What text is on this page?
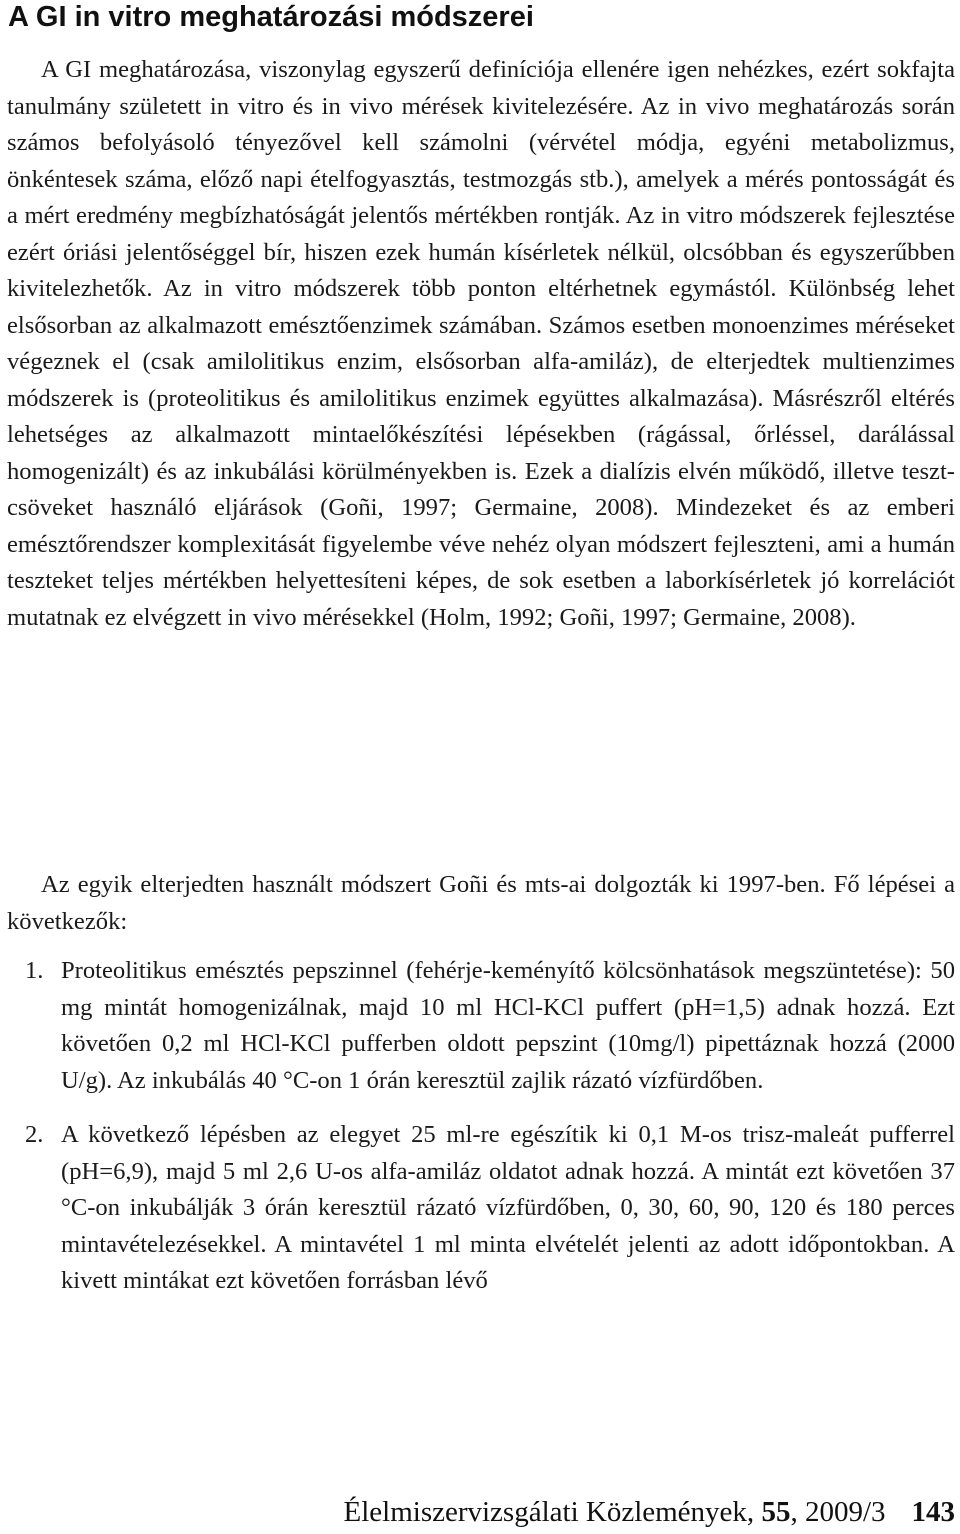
A GI in vitro meghatározási módszerei

A GI meghatározása, viszonylag egyszerű definíciója ellenére igen nehézkes, ezért sokfajta tanulmány született in vitro és in vivo mérések kivitelezésére. Az in vivo meghatározás során számos befolyásoló tényezővel kell számolni (vérvétel módja, egyéni metabolizmus, önkéntesek száma, előző napi ételfogyasztás, testmozgás stb.), amelyek a mérés pontosságát és a mért eredmény megbízhatóságát jelentős mértékben rontják. Az in vitro módszerek fejlesztése ezért óriási jelentőséggel bír, hiszen ezek humán kísérletek nélkül, olcsóbban és egyszerűbben kivitelezhetők. Az in vitro módszerek több ponton eltérhetnek egymástól. Különbség lehet elsősorban az alkalmazott emésztőenzimek számában. Számos esetben monoenzimes méréseket végeznek el (csak amilolitikus enzim, elsősorban alfa-amiláz), de elterjedtek multienzimes módszerek is (proteolitikus és amilolitikus enzimek együttes alkalmazása). Másrészről eltérés lehetséges az alkalmazott mintaelőkészítési lépésekben (rágással, őrléssel, darálással homogenizált) és az inkubálási körülményekben is. Ezek a dialízis elvén működő, illetve teszt-csöveket használó eljárások (Goñi, 1997; Germaine, 2008). Mindezeket és az emberi emésztőrendszer komplexitását figyelembe véve nehéz olyan módszert fejleszteni, ami a humán teszteket teljes mértékben helyettesíteni képes, de sok esetben a laborkísérletek jó korrelációt mutatnak ez elvégzett in vivo mérésekkel (Holm, 1992; Goñi, 1997; Germaine, 2008).

Az egyik elterjedten használt módszert Goñi és mts-ai dolgozták ki 1997-ben. Fő lépései a következők:

1. Proteolitikus emésztés pepszinnel (fehérje-keményítő kölcsönhatások megszüntetése): 50 mg mintát homogenizálnak, majd 10 ml HCl-KCl puffert (pH=1,5) adnak hozzá. Ezt követően 0,2 ml HCl-KCl pufferben oldott pepszint (10mg/l) pipettáznak hozzá (2000 U/g). Az inkubálás 40 °C-on 1 órán keresztül zajlik rázató vízfürdőben.
2. A következő lépésben az elegyet 25 ml-re egészítik ki 0,1 M-os trisz-maleát pufferrel (pH=6,9), majd 5 ml 2,6 U-os alfa-amiláz oldatot adnak hozzá. A mintát ezt követően 37 °C-on inkubálják 3 órán keresztül rázató vízfürdőben, 0, 30, 60, 90, 120 és 180 perces mintavételezésekkel. A mintavétel 1 ml minta elvételét jelenti az adott időpontokban. A kivett mintákat ezt követően forrásban lévő
Élelmiszervizsgálati Közlemények, 55, 2009/3 143
